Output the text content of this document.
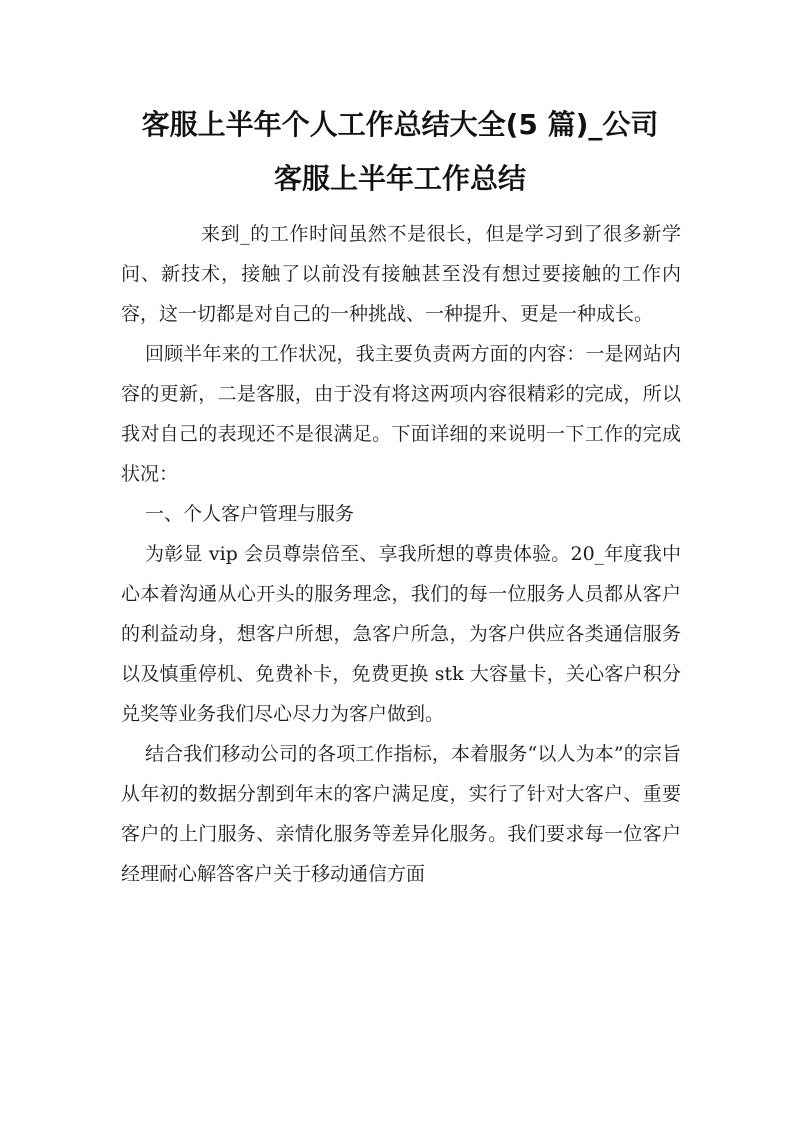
客服上半年个人工作总结大全(5 篇)_公司
客服上半年工作总结

来到_的工作时间虽然不是很长，但是学习到了很多新学问、新技术，接触了以前没有接触甚至没有想过要接触的工作内容，这一切都是对自己的一种挑战、一种提升、更是一种成长。

回顾半年来的工作状况，我主要负责两方面的内容：一是网站内容的更新，二是客服，由于没有将这两项内容很精彩的完成，所以我对自己的表现还不是很满足。下面详细的来说明一下工作的完成状况：

一、个人客户管理与服务

为彰显 vip 会员尊崇倍至、享我所想的尊贵体验。20_年度我中心本着沟通从心开头的服务理念，我们的每一位服务人员都从客户的利益动身，想客户所想，急客户所急，为客户供应各类通信服务以及慎重停机、免费补卡，免费更换 stk 大容量卡，关心客户积分兑奖等业务我们尽心尽力为客户做到。

结合我们移动公司的各项工作指标，本着服务“以人为本”的宗旨从年初的数据分割到年末的客户满足度，实行了针对大客户、重要客户的上门服务、亲情化服务等差异化服务。我们要求每一位客户经理耐心解答客户关于移动通信方面
